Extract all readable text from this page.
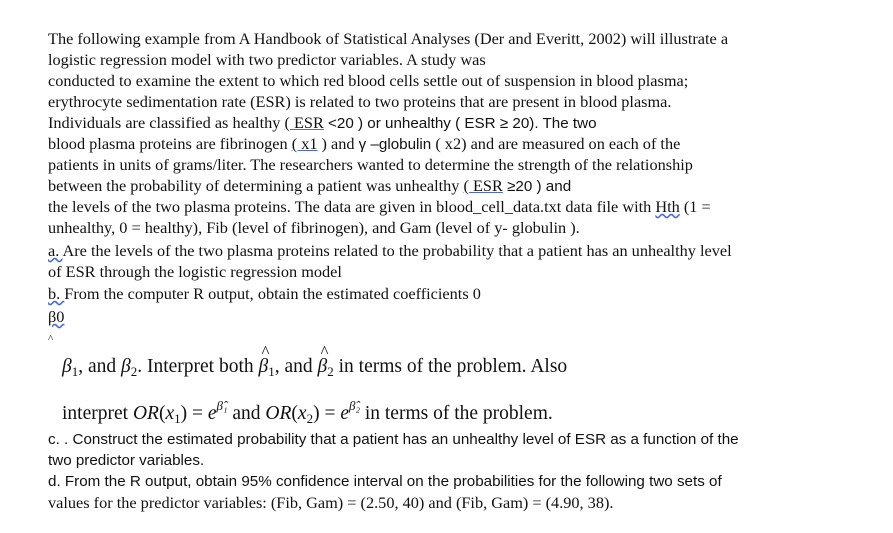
The following example from A Handbook of Statistical Analyses (Der and Everitt, 2002) will illustrate a
logistic regression model with two predictor variables. A study was
conducted to examine the extent to which red blood cells settle out of suspension in blood plasma;
erythrocyte sedimentation rate (ESR) is related to two proteins that are present in blood plasma.
Individuals are classified as healthy ( ESR <20 ) or unhealthy ( ESR ≥ 20). The two
blood plasma proteins are fibrinogen ( x1 ) and γ –globulin ( x2) and are measured on each of the
patients in units of grams/liter. The researchers wanted to determine the strength of the relationship
between the probability of determining a patient was unhealthy ( ESR ≥20 ) and
the levels of the two plasma proteins. The data are given in blood_cell_data.txt data file with Hth (1 =
unhealthy, 0 = healthy), Fib (level of fibrinogen), and Gam (level of y- globulin ).
a. Are the levels of the two plasma proteins related to the probability that a patient has an unhealthy level
of ESR through the logistic regression model
b. From the computer R output, obtain the estimated coefficients 0
β0
^
$\beta_1$, and $\beta_2$. Interpret both ^ $\beta_1$, and ^ $\beta_2$ in terms of the problem. Also
interpret $OR(x_1) = e^{\betâ_1}$ and $OR(x_2) = e^{\betâ_2}$ in terms of the problem.
c. . Construct the estimated probability that a patient has an unhealthy level of ESR as a function of the
two predictor variables.
d. From the R output, obtain 95% confidence interval on the probabilities for the following two sets of
values for the predictor variables: (Fib, Gam) = (2.50, 40) and (Fib, Gam) = (4.90, 38).
